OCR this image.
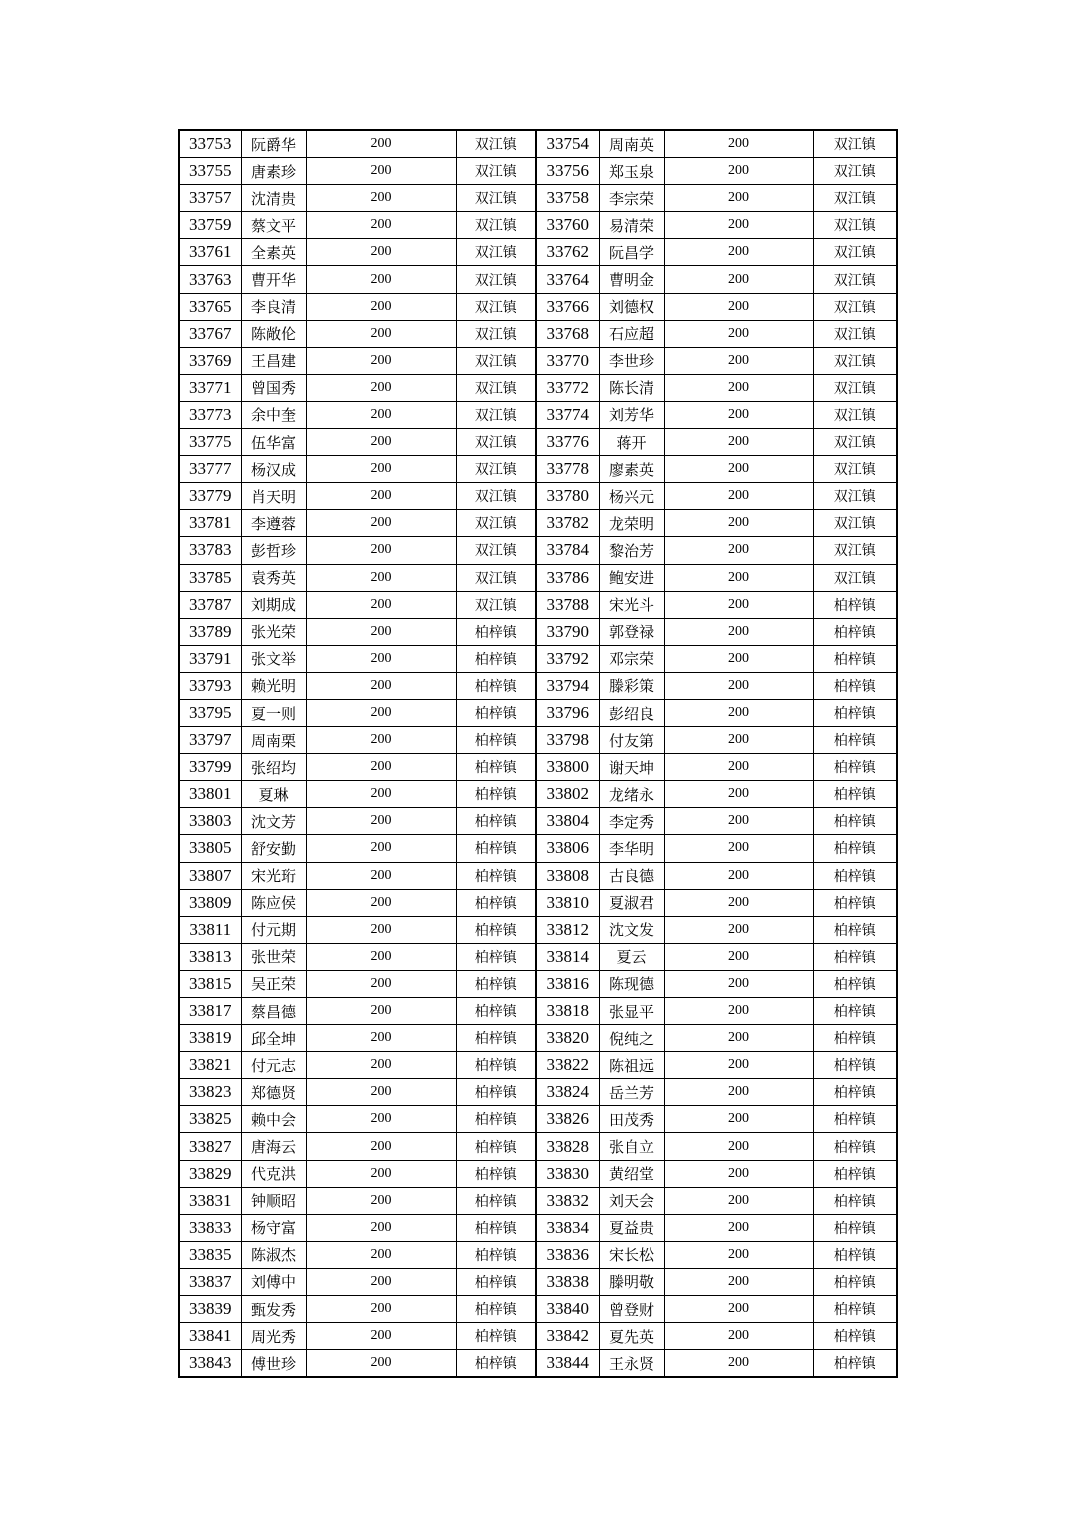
33753	阮爵华	200	双江镇	33754	周南英	200	双江镇
33755	唐素珍	200	双江镇	33756	郑玉泉	200	双江镇
33757	沈清贵	200	双江镇	33758	李宗荣	200	双江镇
33759	蔡文平	200	双江镇	33760	易清荣	200	双江镇
33761	全素英	200	双江镇	33762	阮昌学	200	双江镇
33763	曹开华	200	双江镇	33764	曹明金	200	双江镇
33765	李良清	200	双江镇	33766	刘德权	200	双江镇
33767	陈敞伦	200	双江镇	33768	石应超	200	双江镇
33769	王昌建	200	双江镇	33770	李世珍	200	双江镇
33771	曾国秀	200	双江镇	33772	陈长清	200	双江镇
33773	余中奎	200	双江镇	33774	刘芳华	200	双江镇
33775	伍华富	200	双江镇	33776	蒋开	200	双江镇
33777	杨汉成	200	双江镇	33778	廖素英	200	双江镇
33779	肖天明	200	双江镇	33780	杨兴元	200	双江镇
33781	李遵蓉	200	双江镇	33782	龙荣明	200	双江镇
33783	彭哲珍	200	双江镇	33784	黎治芳	200	双江镇
33785	袁秀英	200	双江镇	33786	鲍安进	200	双江镇
33787	刘期成	200	双江镇	33788	宋光斗	200	柏梓镇
33789	张光荣	200	柏梓镇	33790	郭登禄	200	柏梓镇
33791	张文举	200	柏梓镇	33792	邓宗荣	200	柏梓镇
33793	赖光明	200	柏梓镇	33794	滕彩策	200	柏梓镇
33795	夏一则	200	柏梓镇	33796	彭绍良	200	柏梓镇
33797	周南栗	200	柏梓镇	33798	付友第	200	柏梓镇
33799	张绍均	200	柏梓镇	33800	谢天坤	200	柏梓镇
33801	夏琳	200	柏梓镇	33802	龙绪永	200	柏梓镇
33803	沈文芳	200	柏梓镇	33804	李定秀	200	柏梓镇
33805	舒安勤	200	柏梓镇	33806	李华明	200	柏梓镇
33807	宋光珩	200	柏梓镇	33808	古良德	200	柏梓镇
33809	陈应侯	200	柏梓镇	33810	夏淑君	200	柏梓镇
33811	付元期	200	柏梓镇	33812	沈文发	200	柏梓镇
33813	张世荣	200	柏梓镇	33814	夏云	200	柏梓镇
33815	吴正荣	200	柏梓镇	33816	陈现德	200	柏梓镇
33817	蔡昌德	200	柏梓镇	33818	张显平	200	柏梓镇
33819	邱全坤	200	柏梓镇	33820	倪纯之	200	柏梓镇
33821	付元志	200	柏梓镇	33822	陈祖远	200	柏梓镇
33823	郑德贤	200	柏梓镇	33824	岳兰芳	200	柏梓镇
33825	赖中会	200	柏梓镇	33826	田茂秀	200	柏梓镇
33827	唐海云	200	柏梓镇	33828	张自立	200	柏梓镇
33829	代克洪	200	柏梓镇	33830	黄绍堂	200	柏梓镇
33831	钟顺昭	200	柏梓镇	33832	刘天会	200	柏梓镇
33833	杨守富	200	柏梓镇	33834	夏益贵	200	柏梓镇
33835	陈淑杰	200	柏梓镇	33836	宋长松	200	柏梓镇
33837	刘傅中	200	柏梓镇	33838	滕明敬	200	柏梓镇
33839	甄发秀	200	柏梓镇	33840	曾登财	200	柏梓镇
33841	周光秀	200	柏梓镇	33842	夏先英	200	柏梓镇
33843	傅世珍	200	柏梓镇	33844	王永贤	200	柏梓镇
